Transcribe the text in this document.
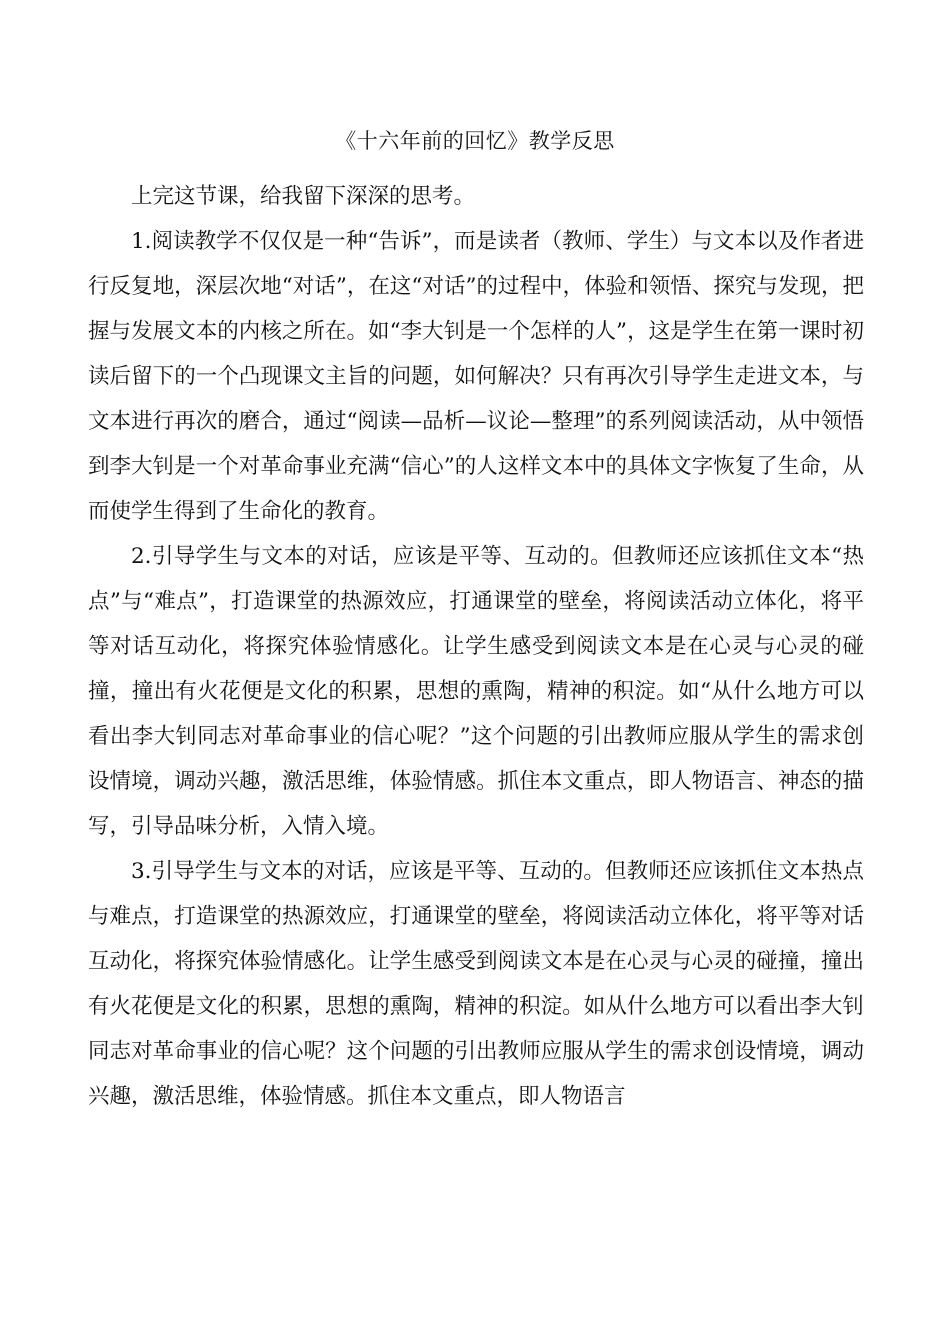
《十六年前的回忆》教学反思

上完这节课，给我留下深深的思考。

1.阅读教学不仅仅是一种“告诉”，而是读者（教师、学生）与文本以及作者进行反复地，深层次地“对话”，在这“对话”的过程中，体验和领悟、探究与发现，把握与发展文本的内核之所在。如“李大钊是一个怎样的人”，这是学生在第一课时初读后留下的一个凸现课文主旨的问题，如何解决？只有再次引导学生走进文本，与文本进行再次的磨合，通过“阅读—品析—议论—整理”的系列阅读活动，从中领悟到李大钊是一个对革命事业充满“信心”的人这样文本中的具体文字恢复了生命，从而使学生得到了生命化的教育。

2.引导学生与文本的对话，应该是平等、互动的。但教师还应该抓住文本“热点”与“难点”，打造课堂的热源效应，打通课堂的壁垒，将阅读活动立体化，将平等对话互动化，将探究体验情感化。让学生感受到阅读文本是在心灵与心灵的碰撞，撞出有火花便是文化的积累，思想的熏陶，精神的积淀。如“从什么地方可以看出李大钊同志对革命事业的信心呢？”这个问题的引出教师应服从学生的需求创设情境，调动兴趣，激活思维，体验情感。抓住本文重点，即人物语言、神态的描写，引导品味分析，入情入境。

3.引导学生与文本的对话，应该是平等、互动的。但教师还应该抓住文本热点与难点，打造课堂的热源效应，打通课堂的壁垒，将阅读活动立体化，将平等对话互动化，将探究体验情感化。让学生感受到阅读文本是在心灵与心灵的碰撞，撞出有火花便是文化的积累，思想的熏陶，精神的积淀。如从什么地方可以看出李大钊同志对革命事业的信心呢？这个问题的引出教师应服从学生的需求创设情境，调动兴趣，激活思维，体验情感。抓住本文重点，即人物语言
